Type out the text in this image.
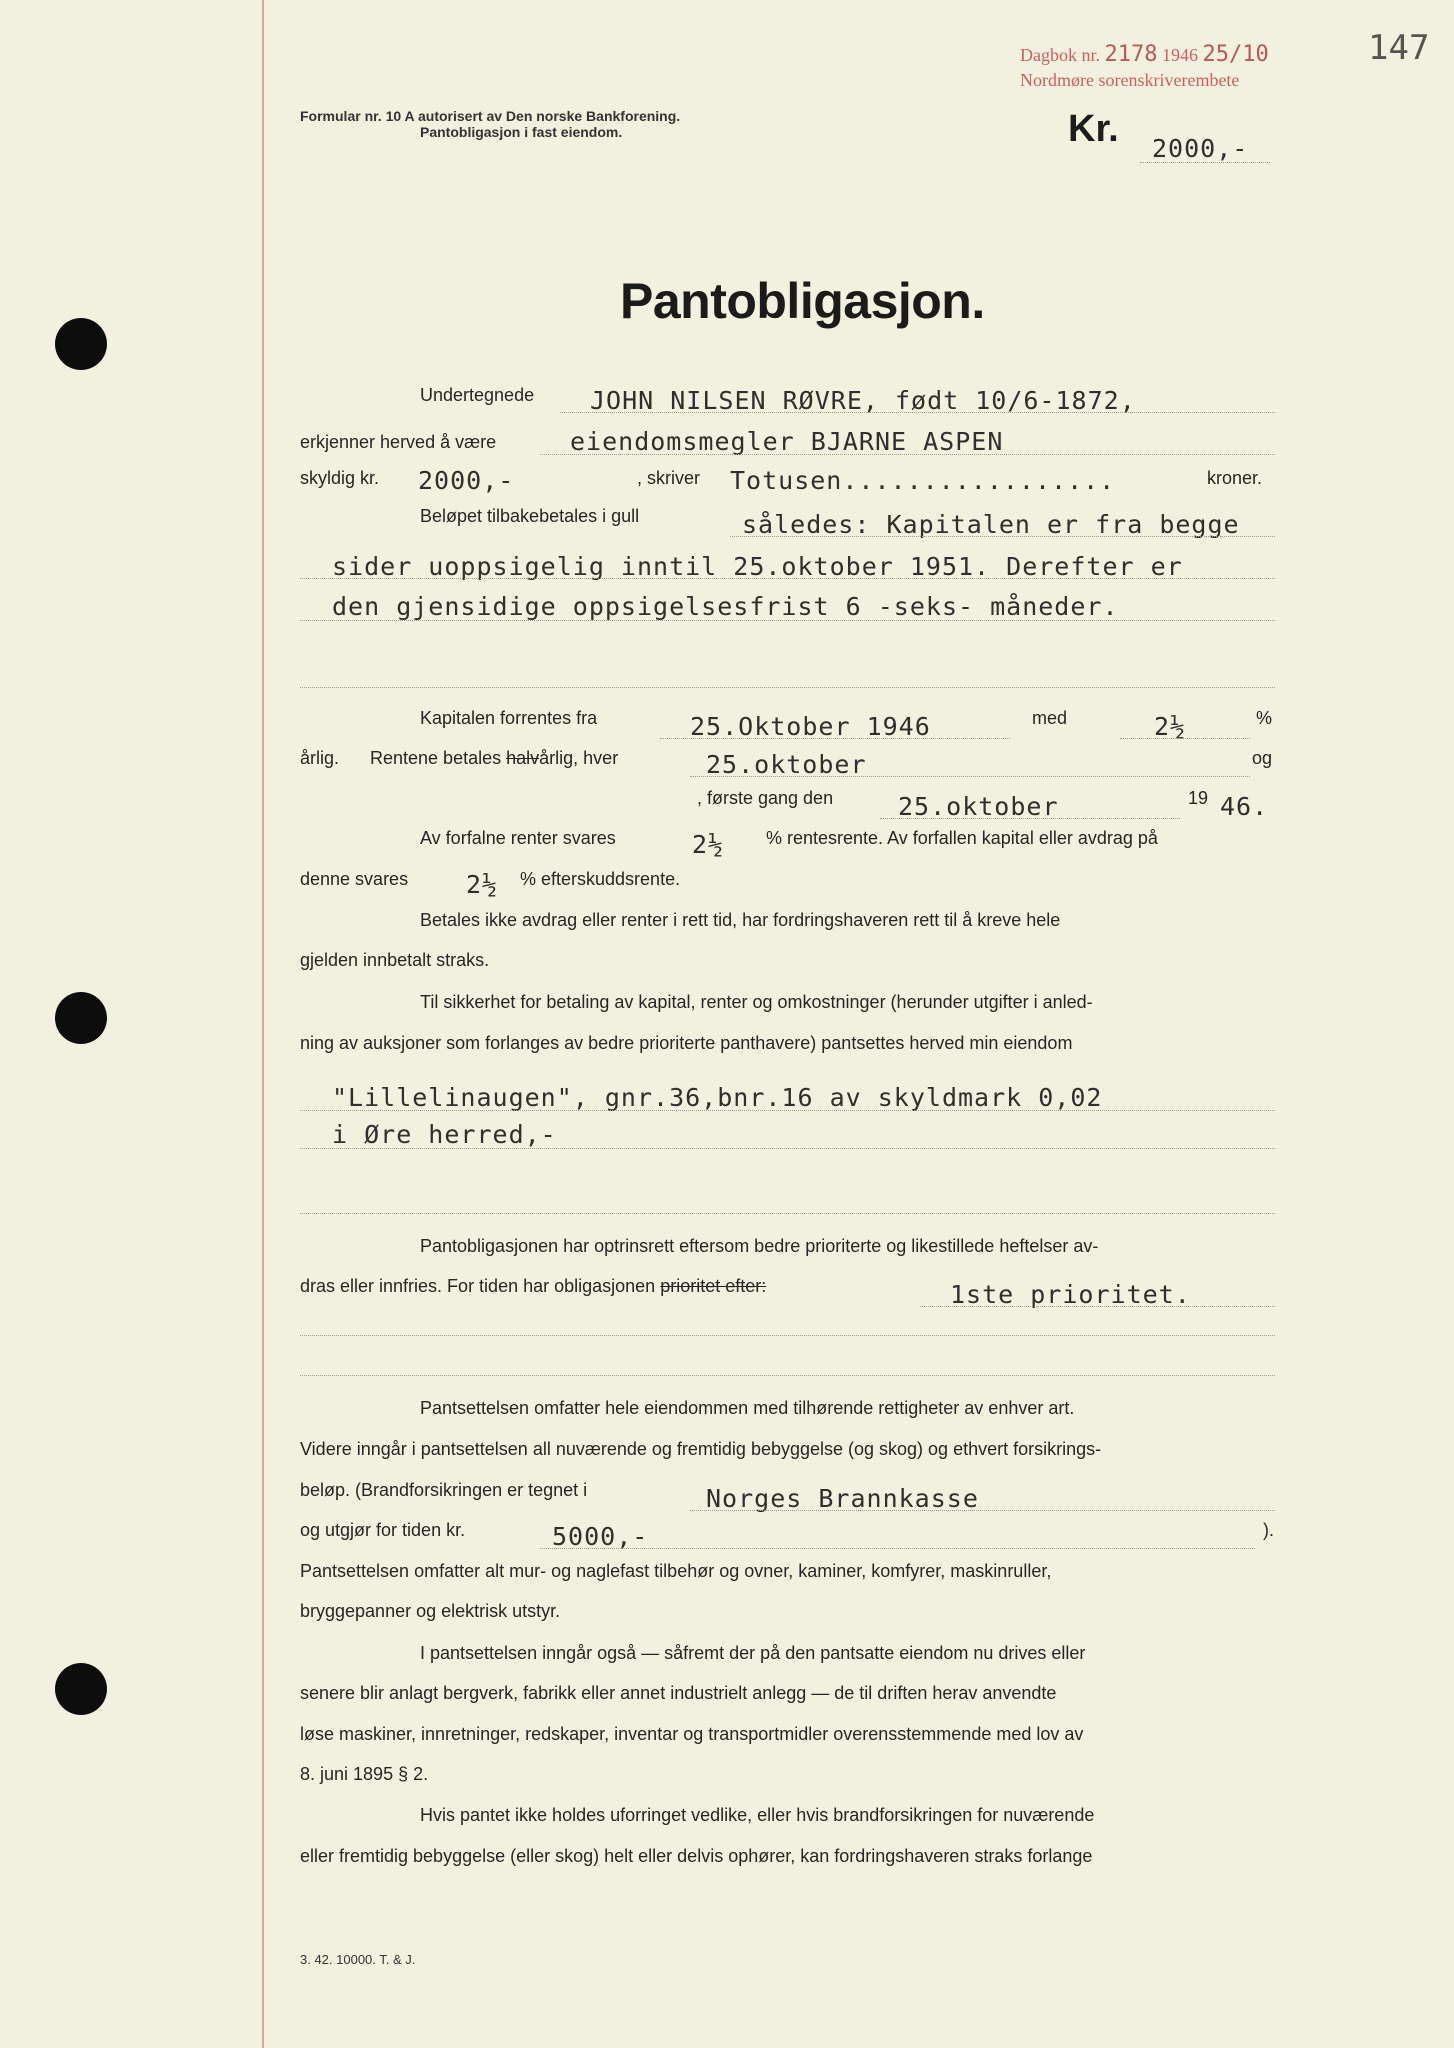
Dagbok nr. 2178 1946 25/10
Nordmøre sorenskriverembete
147
Formular nr. 10 A autorisert av Den norske Bankforening.
Pantobligasjon i fast eiendom.	Kr. 2000,-
Pantobligasjon.
Undertegnede JOHN NILSEN RØVRE, født 10/6-1872,
erkjenner herved å være	eiendomsmegler BJARNE ASPEN
skyldig kr. 2000,-	, skriver Totusen.................	kroner.
Beløpet tilbakebetales i gull	således: Kapitalen er fra begge
sider uoppsigelig inntil 25.oktober 1951. Derefter er
den gjensidige oppsigelsesfrist 6 -seks- måneder.
Kapitalen forrentes fra	25.Oktober 1946	med	2½	%
årlig. Rentene betales halvårlig, hver	25.oktober	og
, første gang den	25.oktober	19 46.
Av forfalne renter svares	2½ % rentesrente. Av forfallen kapital eller avdrag på
denne svares 2½ % efterskuddsrente.
Betales ikke avdrag eller renter i rett tid, har fordringshaveren rett til å kreve hele
gjelden innbetalt straks.
Til sikkerhet for betaling av kapital, renter og omkostninger (herunder utgifter i anled-
ning av auksjoner som forlanges av bedre prioriterte panthavere) pantsettes herved min eiendom
"Lillelinaugen", gnr.36,bnr.16 av skyldmark 0,02
i Øre herred,-
Pantobligasjonen har optrinsrett eftersom bedre prioriterte og likestillede heftelser av-
dras eller innfries. For tiden har obligasjonen prioritet efter:	1ste prioritet.
Pantsettelsen omfatter hele eiendommen med tilhørende rettigheter av enhver art.
Videre inngår i pantsettelsen all nuværende og fremtidig bebyggelse (og skog) og ethvert forsikrings-
beløp. (Brandforsikringen er tegnet i	Norges Brannkasse
og utgjør for tiden kr.	5000,-	).
Pantsettelsen omfatter alt mur- og naglefast tilbehør og ovner, kaminer, komfyrer, maskinruller,
bryggepanner og elektrisk utstyr.
I pantsettelsen inngår også — såfremt der på den pantsatte eiendom nu drives eller
senere blir anlagt bergverk, fabrikk eller annet industrielt anlegg — de til driften herav anvendte
løse maskiner, innretninger, redskaper, inventar og transportmidler overensstemmende med lov av
8. juni 1895 § 2.
Hvis pantet ikke holdes uforringet vedlike, eller hvis brandforsikringen for nuværende
eller fremtidig bebyggelse (eller skog) helt eller delvis ophører, kan fordringshaveren straks forlange
3. 42. 10000. T. & J.
